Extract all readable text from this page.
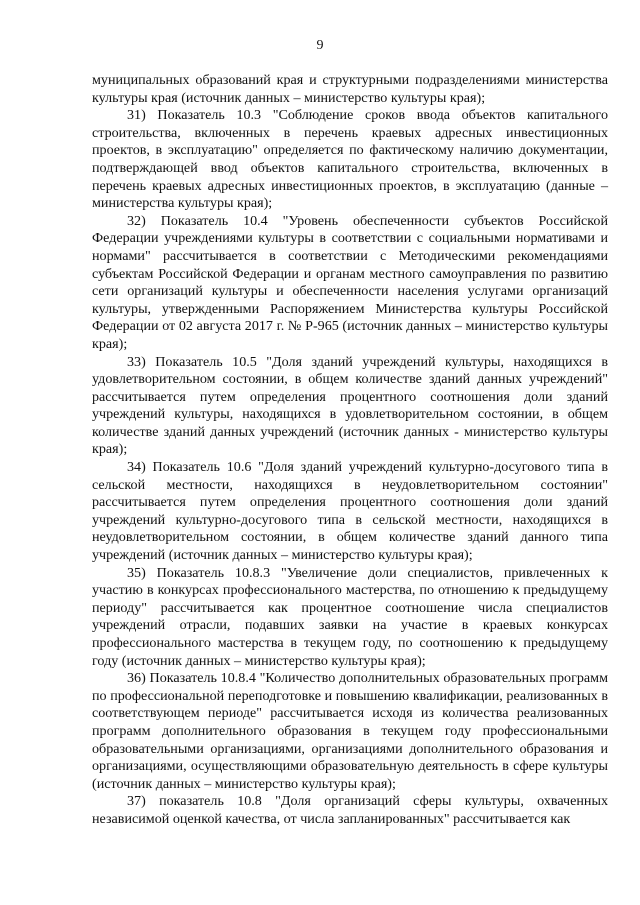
9

муниципальных образований края и структурными подразделениями министерства культуры края (источник данных – министерство культуры края);

31) Показатель 10.3 "Соблюдение сроков ввода объектов капитального строительства, включенных в перечень краевых адресных инвестиционных проектов, в эксплуатацию" определяется по фактическому наличию документации, подтверждающей ввод объектов капитального строительства, включенных в перечень краевых адресных инвестиционных проектов, в эксплуатацию (данные – министерства культуры края);

32) Показатель 10.4 "Уровень обеспеченности субъектов Российской Федерации учреждениями культуры в соответствии с социальными нормативами и нормами" рассчитывается в соответствии с Методическими рекомендациями субъектам Российской Федерации и органам местного самоуправления по развитию сети организаций культуры и обеспеченности населения услугами организаций культуры, утвержденными Распоряжением Министерства культуры Российской Федерации от 02 августа 2017 г. № Р-965 (источник данных – министерство культуры края);

33) Показатель 10.5 "Доля зданий учреждений культуры, находящихся в удовлетворительном состоянии, в общем количестве зданий данных учреждений" рассчитывается путем определения процентного соотношения доли зданий учреждений культуры, находящихся в удовлетворительном состоянии, в общем количестве зданий данных учреждений (источник данных - министерство культуры края);

34) Показатель 10.6 "Доля зданий учреждений культурно-досугового типа в сельской местности, находящихся в неудовлетворительном состоянии" рассчитывается путем определения процентного соотношения доли зданий учреждений культурно-досугового типа в сельской местности, находящихся в неудовлетворительном состоянии, в общем количестве зданий данного типа учреждений (источник данных – министерство культуры края);

35) Показатель 10.8.3 "Увеличение доли специалистов, привлеченных к участию в конкурсах профессионального мастерства, по отношению к предыдущему периоду" рассчитывается как процентное соотношение числа специалистов учреждений отрасли, подавших заявки на участие в краевых конкурсах профессионального мастерства в текущем году, по соотношению к предыдущему году (источник данных – министерство культуры края);

36) Показатель 10.8.4 "Количество дополнительных образовательных программ по профессиональной переподготовке и повышению квалификации, реализованных в соответствующем периоде" рассчитывается исходя из количества реализованных программ дополнительного образования в текущем году профессиональными образовательными организациями, организациями дополнительного образования и организациями, осуществляющими образовательную деятельность в сфере культуры (источник данных – министерство культуры края);

37) показатель 10.8 "Доля организаций сферы культуры, охваченных независимой оценкой качества, от числа запланированных" рассчитывается как
